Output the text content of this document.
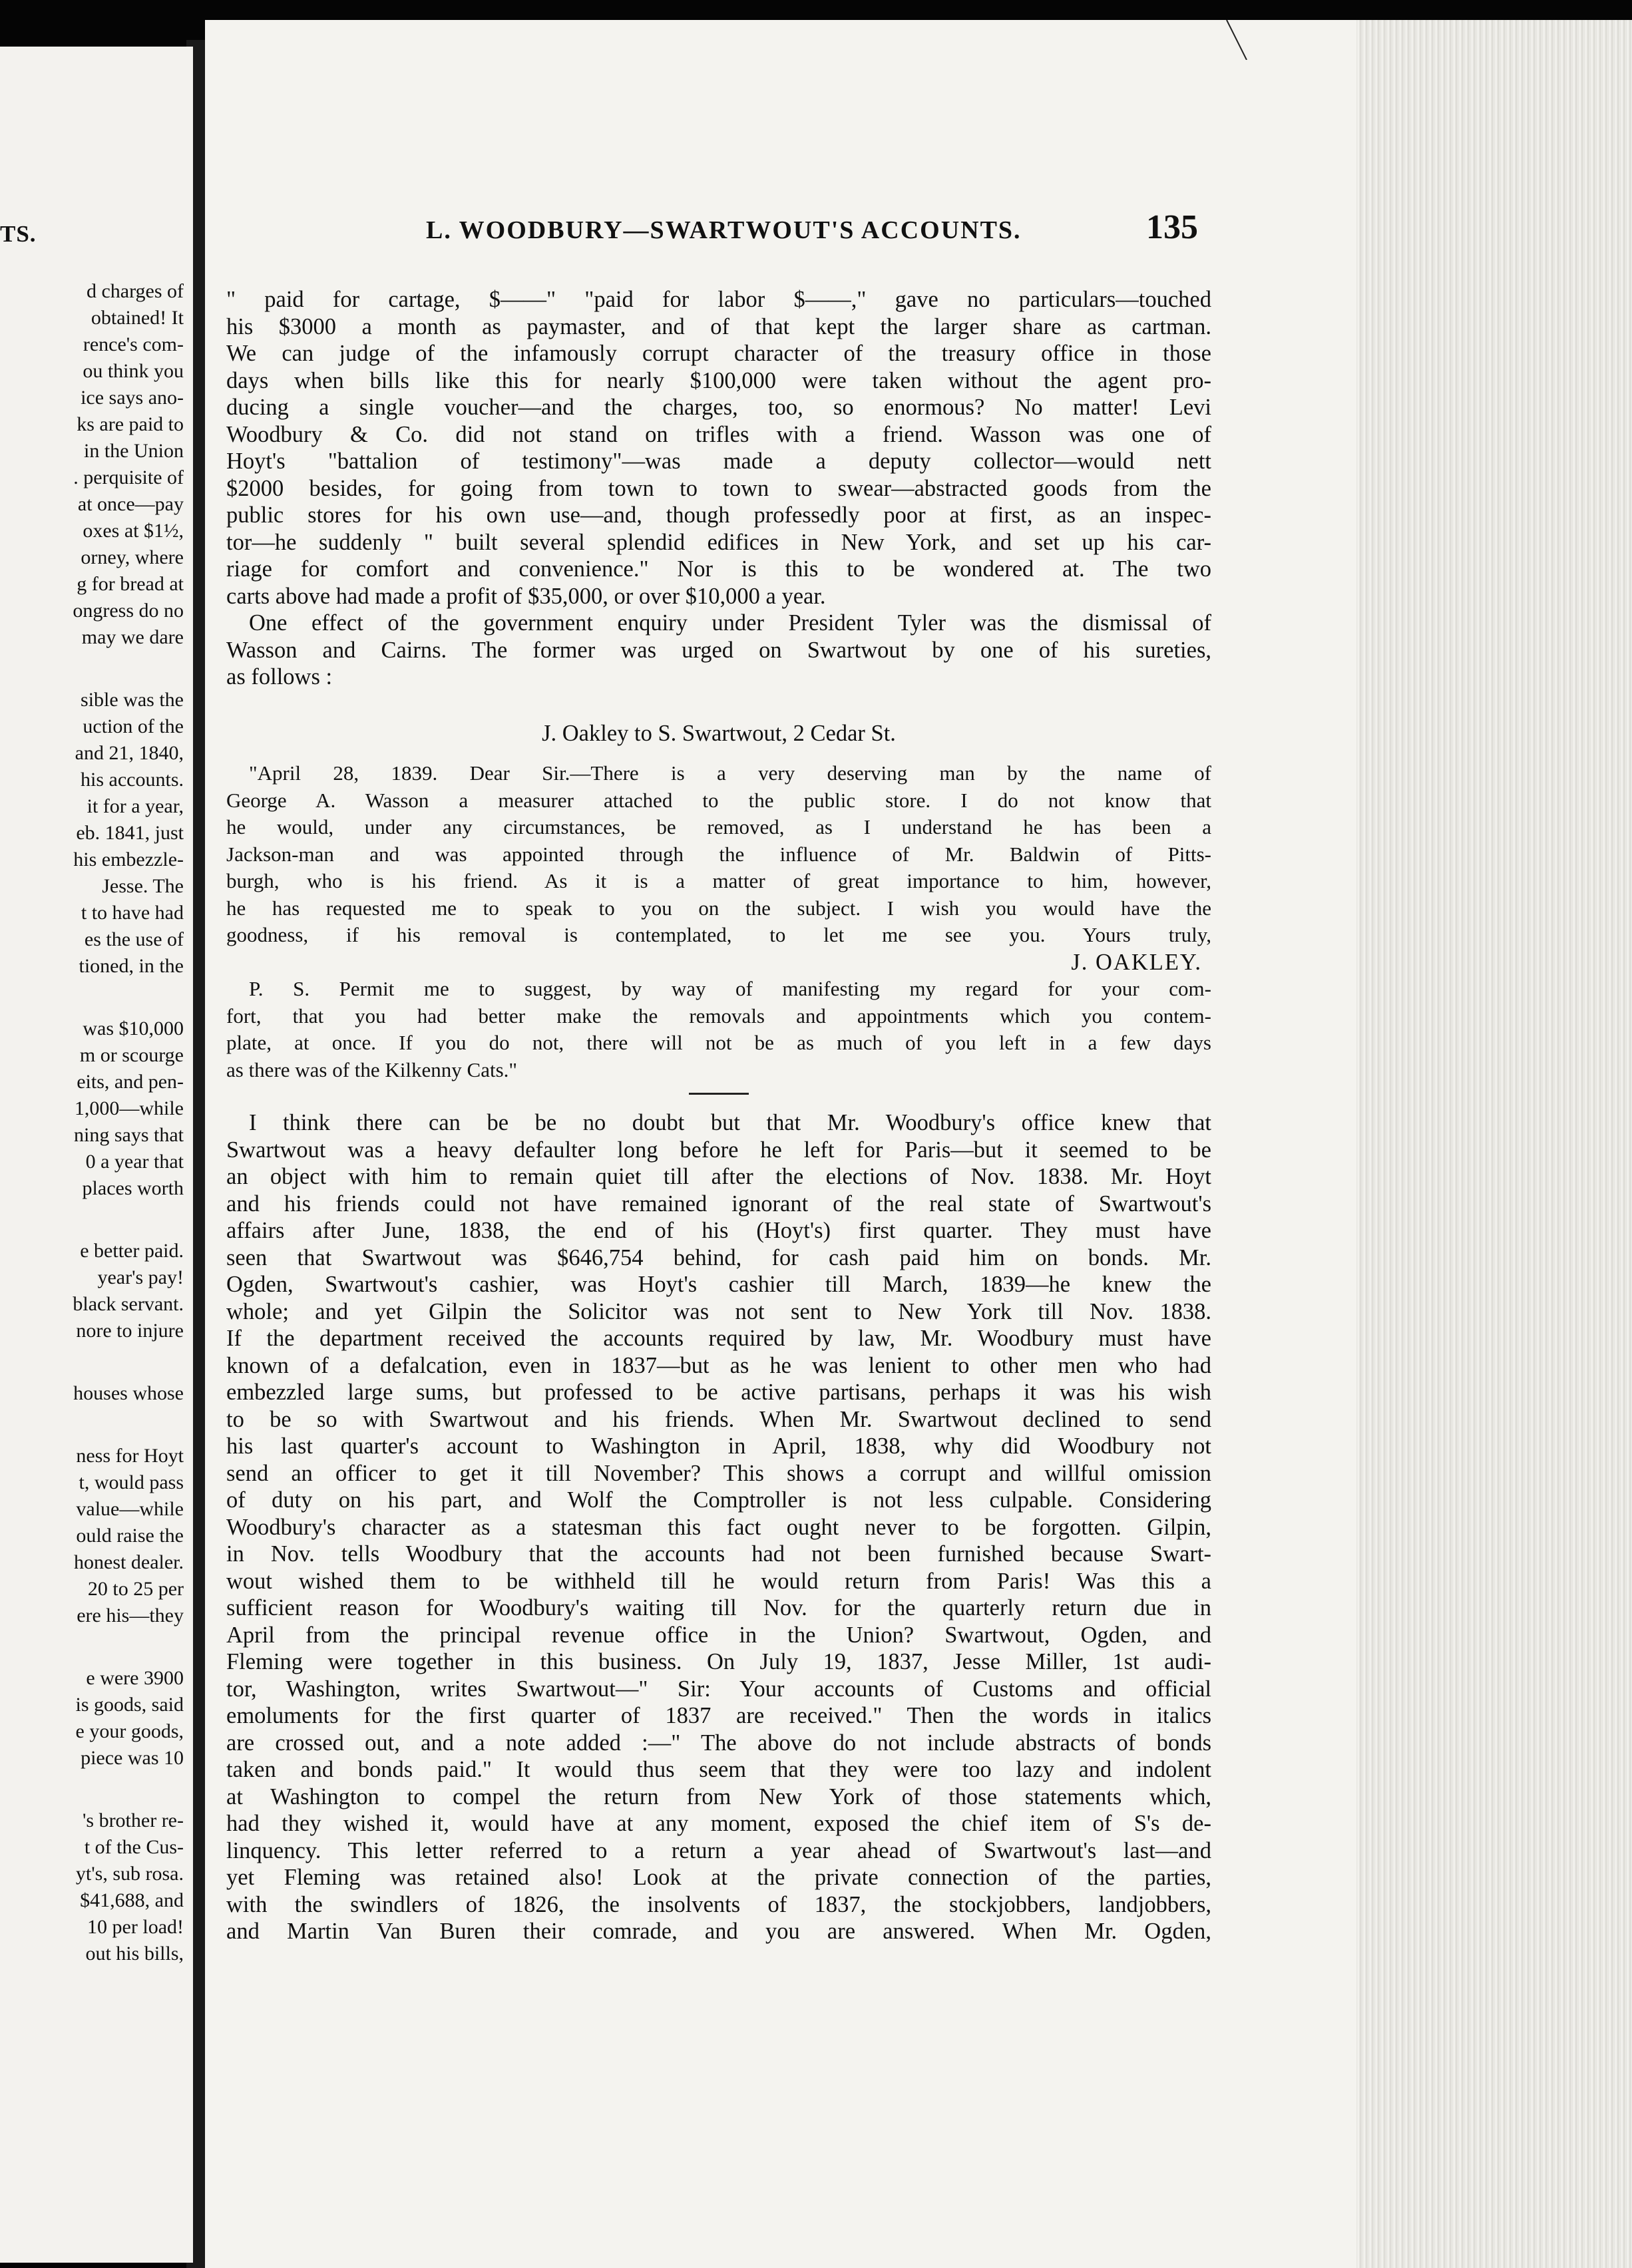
TS.
d charges of
obtained! It
rence's com-
ou think you
ice says ano-
ks are paid to
in the Union
. perquisite of
at once—pay
oxes at $1½,
orney, where
g for bread at
ongress do no
may we dare
sible was the
uction of the
and 21, 1840,
his accounts.
it for a year,
eb. 1841, just
his embezzle-
Jesse. The
t to have had
es the use of
tioned, in the
was $10,000
m or scourge
eits, and pen-
1,000—while
ning says that
0 a year that
places worth
e better paid.
year's pay!
black servant.
nore to injure
houses whose
ness for Hoyt
t, would pass
value—while
ould raise the
honest dealer.
20 to 25 per
ere his—they
e were 3900
is goods, said
e your goods,
piece was 10
's brother re-
t of the Cus-
yt's, sub rosa.
$41,688, and
10 per load!
out his bills,
L. WOODBURY—SWARTWOUT'S ACCOUNTS.	135
" paid for cartage, $——" "paid for labor $——," gave no particulars—touched
his $3000 a month as paymaster, and of that kept the larger share as cartman.
We can judge of the infamously corrupt character of the treasury office in those
days when bills like this for nearly $100,000 were taken without the agent pro-
ducing a single voucher—and the charges, too, so enormous? No matter! Levi
Woodbury & Co. did not stand on trifles with a friend. Wasson was one of
Hoyt's "battalion of testimony"—was made a deputy collector—would nett
$2000 besides, for going from town to town to swear—abstracted goods from the
public stores for his own use—and, though professedly poor at first, as an inspec-
tor—he suddenly " built several splendid edifices in New York, and set up his car-
riage for comfort and convenience." Nor is this to be wondered at. The two
carts above had made a profit of $35,000, or over $10,000 a year.
One effect of the government enquiry under President Tyler was the dismissal of
Wasson and Cairns. The former was urged on Swartwout by one of his sureties,
as follows :
J. Oakley to S. Swartwout, 2 Cedar St.
"April 28, 1839. Dear Sir.—There is a very deserving man by the name of
George A. Wasson a measurer attached to the public store. I do not know that
he would, under any circumstances, be removed, as I understand he has been a
Jackson-man and was appointed through the influence of Mr. Baldwin of Pitts-
burgh, who is his friend. As it is a matter of great importance to him, however,
he has requested me to speak to you on the subject. I wish you would have the
goodness, if his removal is contemplated, to let me see you. Yours truly,
J. OAKLEY.
P. S. Permit me to suggest, by way of manifesting my regard for your com-
fort, that you had better make the removals and appointments which you contem-
plate, at once. If you do not, there will not be as much of you left in a few days
as there was of the Kilkenny Cats."
I think there can be be no doubt but that Mr. Woodbury's office knew that
Swartwout was a heavy defaulter long before he left for Paris—but it seemed to be
an object with him to remain quiet till after the elections of Nov. 1838. Mr. Hoyt
and his friends could not have remained ignorant of the real state of Swartwout's
affairs after June, 1838, the end of his (Hoyt's) first quarter. They must have
seen that Swartwout was $646,754 behind, for cash paid him on bonds. Mr.
Ogden, Swartwout's cashier, was Hoyt's cashier till March, 1839—he knew the
whole; and yet Gilpin the Solicitor was not sent to New York till Nov. 1838.
If the department received the accounts required by law, Mr. Woodbury must have
known of a defalcation, even in 1837—but as he was lenient to other men who had
embezzled large sums, but professed to be active partisans, perhaps it was his wish
to be so with Swartwout and his friends. When Mr. Swartwout declined to send
his last quarter's account to Washington in April, 1838, why did Woodbury not
send an officer to get it till November? This shows a corrupt and willful omission
of duty on his part, and Wolf the Comptroller is not less culpable. Considering
Woodbury's character as a statesman this fact ought never to be forgotten. Gilpin,
in Nov. tells Woodbury that the accounts had not been furnished because Swart-
wout wished them to be withheld till he would return from Paris! Was this a
sufficient reason for Woodbury's waiting till Nov. for the quarterly return due in
April from the principal revenue office in the Union? Swartwout, Ogden, and
Fleming were together in this business. On July 19, 1837, Jesse Miller, 1st audi-
tor, Washington, writes Swartwout—" Sir: Your accounts of Customs and official
emoluments for the first quarter of 1837 are received." Then the words in italics
are crossed out, and a note added :—" The above do not include abstracts of bonds
taken and bonds paid." It would thus seem that they were too lazy and indolent
at Washington to compel the return from New York of those statements which,
had they wished it, would have at any moment, exposed the chief item of S's de-
linquency. This letter referred to a return a year ahead of Swartwout's last—and
yet Fleming was retained also! Look at the private connection of the parties,
with the swindlers of 1826, the insolvents of 1837, the stockjobbers, landjobbers,
and Martin Van Buren their comrade, and you are answered. When Mr. Ogden,
